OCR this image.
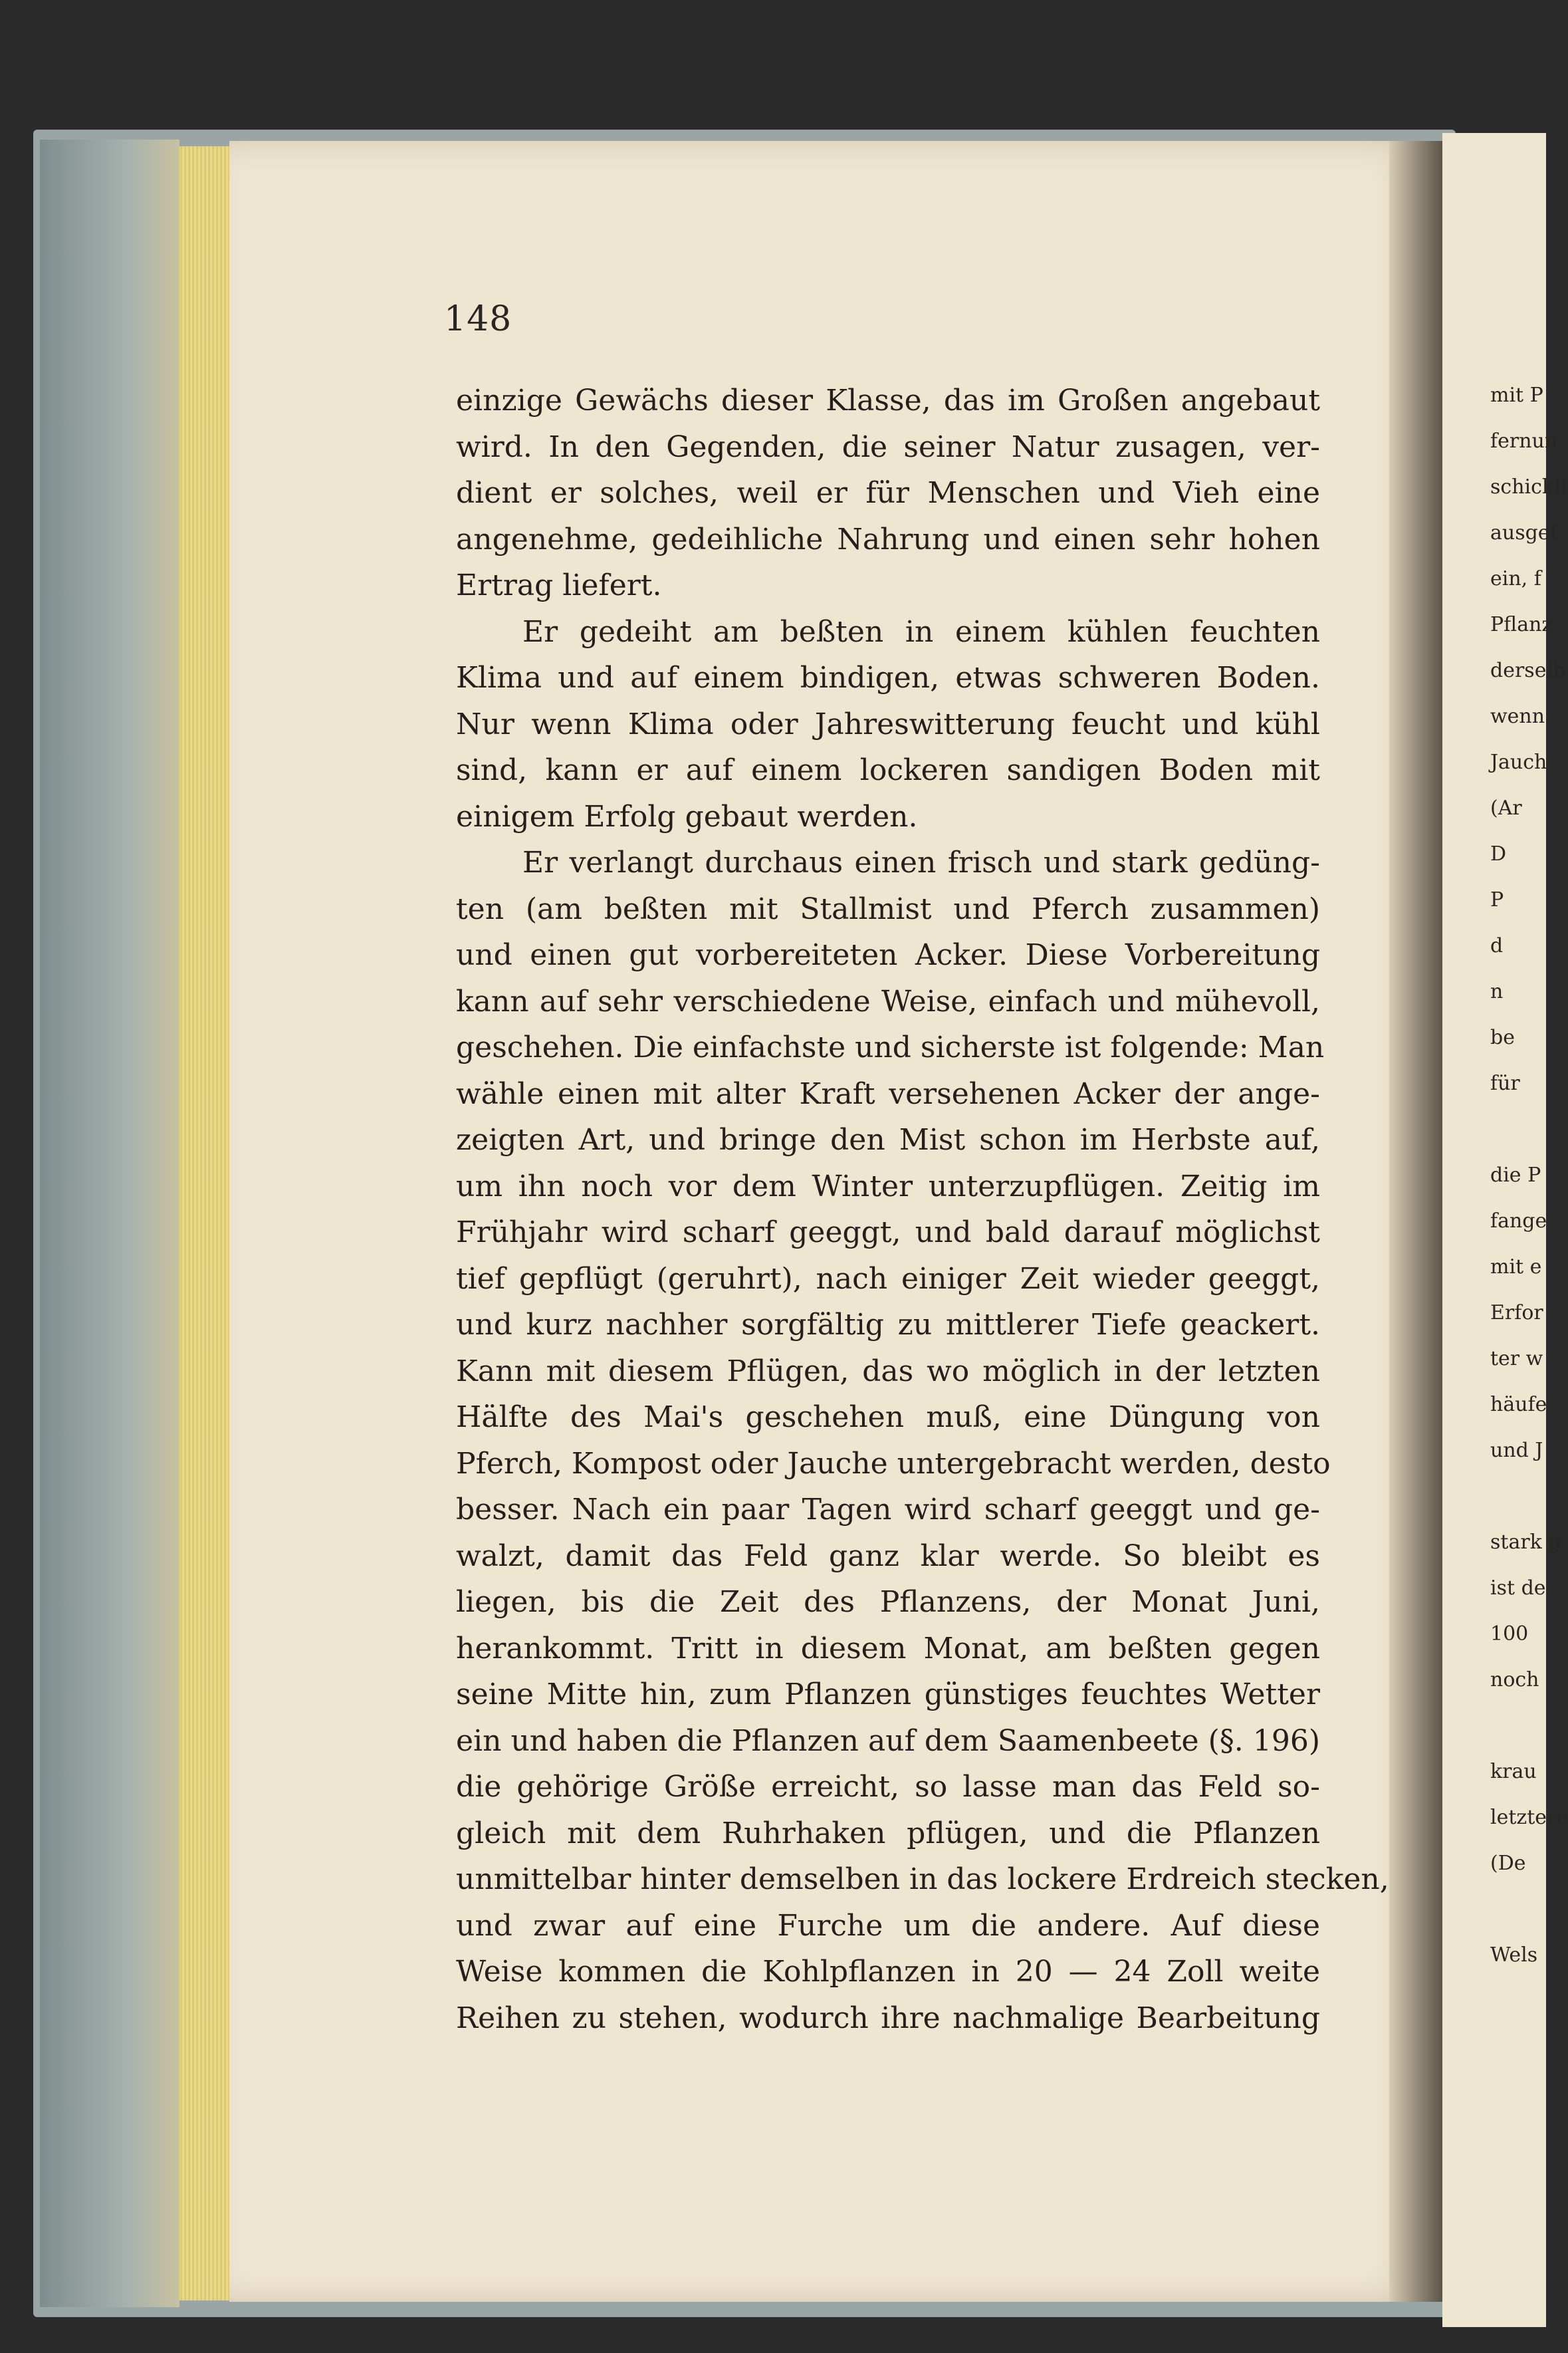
148
einzige Gewächs dieser Klasse, das im Großen angebaut
wird. In den Gegenden, die seiner Natur zusagen, ver-
dient er solches, weil er für Menschen und Vieh eine
angenehme, gedeihliche Nahrung und einen sehr hohen
Ertrag liefert.
Er gedeiht am beßten in einem kühlen feuchten
Klima und auf einem bindigen, etwas schweren Boden.
Nur wenn Klima oder Jahreswitterung feucht und kühl
sind, kann er auf einem lockeren sandigen Boden mit
einigem Erfolg gebaut werden.
Er verlangt durchaus einen frisch und stark gedüng-
ten (am beßten mit Stallmist und Pferch zusammen)
und einen gut vorbereiteten Acker. Diese Vorbereitung
kann auf sehr verschiedene Weise, einfach und mühevoll,
geschehen. Die einfachste und sicherste ist folgende: Man
wähle einen mit alter Kraft versehenen Acker der ange-
zeigten Art, und bringe den Mist schon im Herbste auf,
um ihn noch vor dem Winter unterzupflügen. Zeitig im
Frühjahr wird scharf geeggt, und bald darauf möglichst
tief gepflügt (geruhrt), nach einiger Zeit wieder geeggt,
und kurz nachher sorgfältig zu mittlerer Tiefe geackert.
Kann mit diesem Pflügen, das wo möglich in der letzten
Hälfte des Mai's geschehen muß, eine Düngung von
Pferch, Kompost oder Jauche untergebracht werden, desto
besser. Nach ein paar Tagen wird scharf geeggt und ge-
walzt, damit das Feld ganz klar werde. So bleibt es
liegen, bis die Zeit des Pflanzens, der Monat Juni,
herankommt. Tritt in diesem Monat, am beßten gegen
seine Mitte hin, zum Pflanzen günstiges feuchtes Wetter
ein und haben die Pflanzen auf dem Saamenbeete (§. 196)
die gehörige Größe erreicht, so lasse man das Feld so-
gleich mit dem Ruhrhaken pflügen, und die Pflanzen
unmittelbar hinter demselben in das lockere Erdreich stecken,
und zwar auf eine Furche um die andere. Auf diese
Weise kommen die Kohlpflanzen in 20 — 24 Zoll weite
Reihen zu stehen, wodurch ihre nachmalige Bearbeitung
mit P
fernun
schickli
ausgef
ein, f
Pflanz
derselb
wenn
Jauch
(Ar
D
P
d
n
be
für
die P
fange
mit e
Erfor
ter w
häufe
und J
stark g
ist de
100
noch
krau
letztere
(De
Wels
